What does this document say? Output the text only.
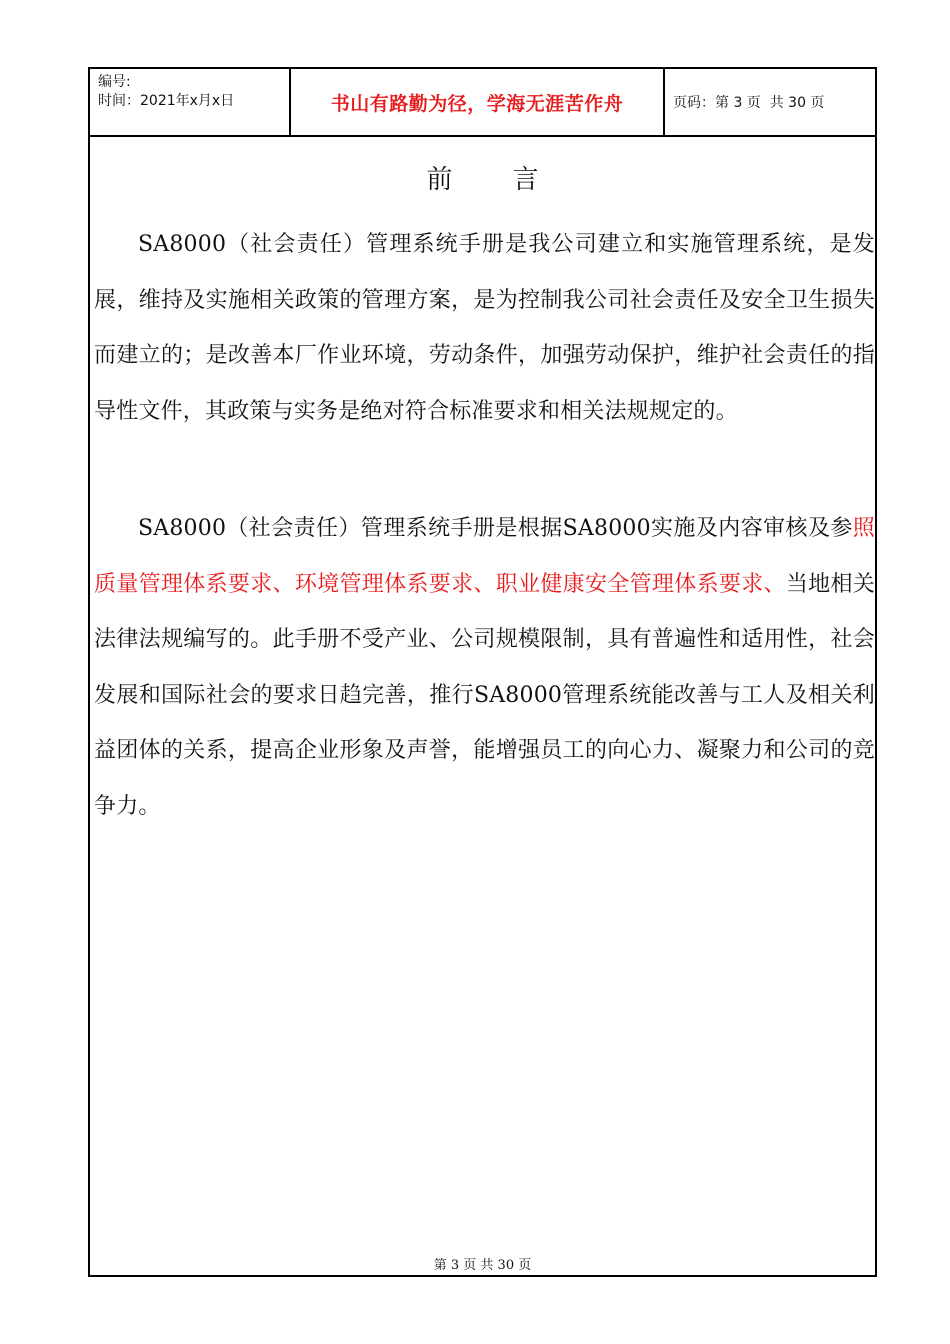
编号:
时间：2021年x月x日	书山有路勤为径，学海无涯苦作舟	页码：第 3 页  共 30 页
前言

SA8000（社会责任）管理系统手册是我公司建立和实施管理系统，是发展，维持及实施相关政策的管理方案，是为控制我公司社会责任及安全卫生损失而建立的；是改善本厂作业环境，劳动条件，加强劳动保护，维护社会责任的指导性文件，其政策与实务是绝对符合标准要求和相关法规规定的。

SA8000（社会责任）管理系统手册是根据SA8000实施及内容审核及参照质量管理体系要求、环境管理体系要求、职业健康安全管理体系要求、当地相关法律法规编写的。此手册不受产业、公司规模限制，具有普遍性和适用性，社会发展和国际社会的要求日趋完善，推行SA8000管理系统能改善与工人及相关利益团体的关系，提高企业形象及声誉，能增强员工的向心力、凝聚力和公司的竞争力。

第 3 页 共 30 页
